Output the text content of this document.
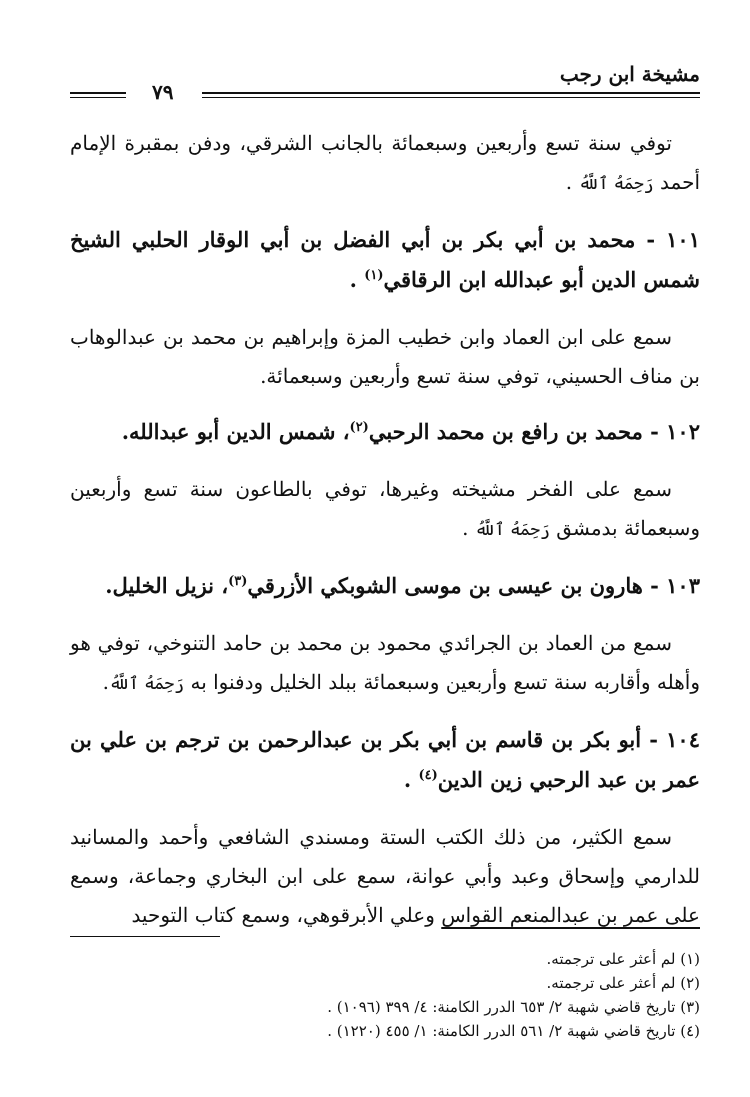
مشيخة ابن رجب
٧٩

توفي سنة تسع وأربعين وسبعمائة بالجانب الشرقي، ودفن بمقبرة الإمام أحمد رَحِمَهُ ٱللَّهُ .

١٠١ - محمد بن أبي بكر بن أبي الفضل بن أبي الوقار الحلبي الشيخ شمس الدين أبو عبدالله ابن الرقاقي$^{(١)}$ .

سمع على ابن العماد وابن خطيب المزة وإبراهيم بن محمد بن عبدالوهاب بن مناف الحسيني، توفي سنة تسع وأربعين وسبعمائة.

١٠٢ - محمد بن رافع بن محمد الرحبي$^{(٢)}$، شمس الدين أبو عبدالله.

سمع على الفخر مشيخته وغيرها، توفي بالطاعون سنة تسع وأربعين وسبعمائة بدمشق رَحِمَهُ ٱللَّهُ .

١٠٣ - هارون بن عيسى بن موسى الشوبكي الأزرقي$^{(٣)}$، نزيل الخليل.

سمع من العماد بن الجرائدي محمود بن محمد بن حامد التنوخي، توفي هو وأهله وأقاربه سنة تسع وأربعين وسبعمائة ببلد الخليل ودفنوا به رَحِمَهُ ٱللَّهُ.

١٠٤ - أبو بكر بن قاسم بن أبي بكر بن عبدالرحمن بن ترجم بن علي بن عمر بن عبد الرحبي زين الدين$^{(٤)}$ .

سمع الكثير، من ذلك الكتب الستة ومسندي الشافعي وأحمد والمسانيد للدارمي وإسحاق وعبد وأبي عوانة، سمع على ابن البخاري وجماعة، وسمع على عمر بن عبدالمنعم القواس وعلي الأبرقوهي، وسمع كتاب التوحيد

(١) لم أعثر على ترجمته.

(٢) لم أعثر على ترجمته.

(٣) تاريخ قاضي شهبة ٢/ ٦٥٣ الدرر الكامنة: ٤/ ٣٩٩ (١٠٩٦) .

(٤) تاريخ قاضي شهبة ٢/ ٥٦١ الدرر الكامنة: ١/ ٤٥٥ (١٢٢٠) .
